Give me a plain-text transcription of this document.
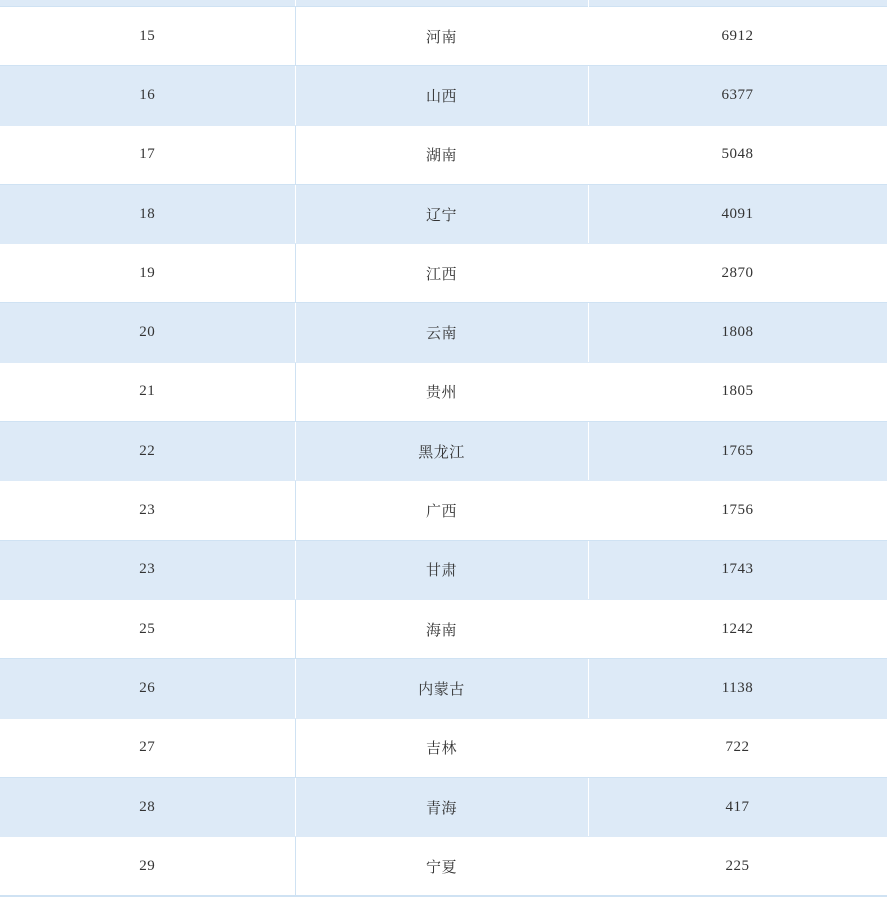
15	河南	6912
16	山西	6377
17	湖南	5048
18	辽宁	4091
19	江西	2870
20	云南	1808
21	贵州	1805
22	黑龙江	1765
23	广西	1756
23	甘肃	1743
25	海南	1242
26	内蒙古	1138
27	吉林	722
28	青海	417
29	宁夏	225
